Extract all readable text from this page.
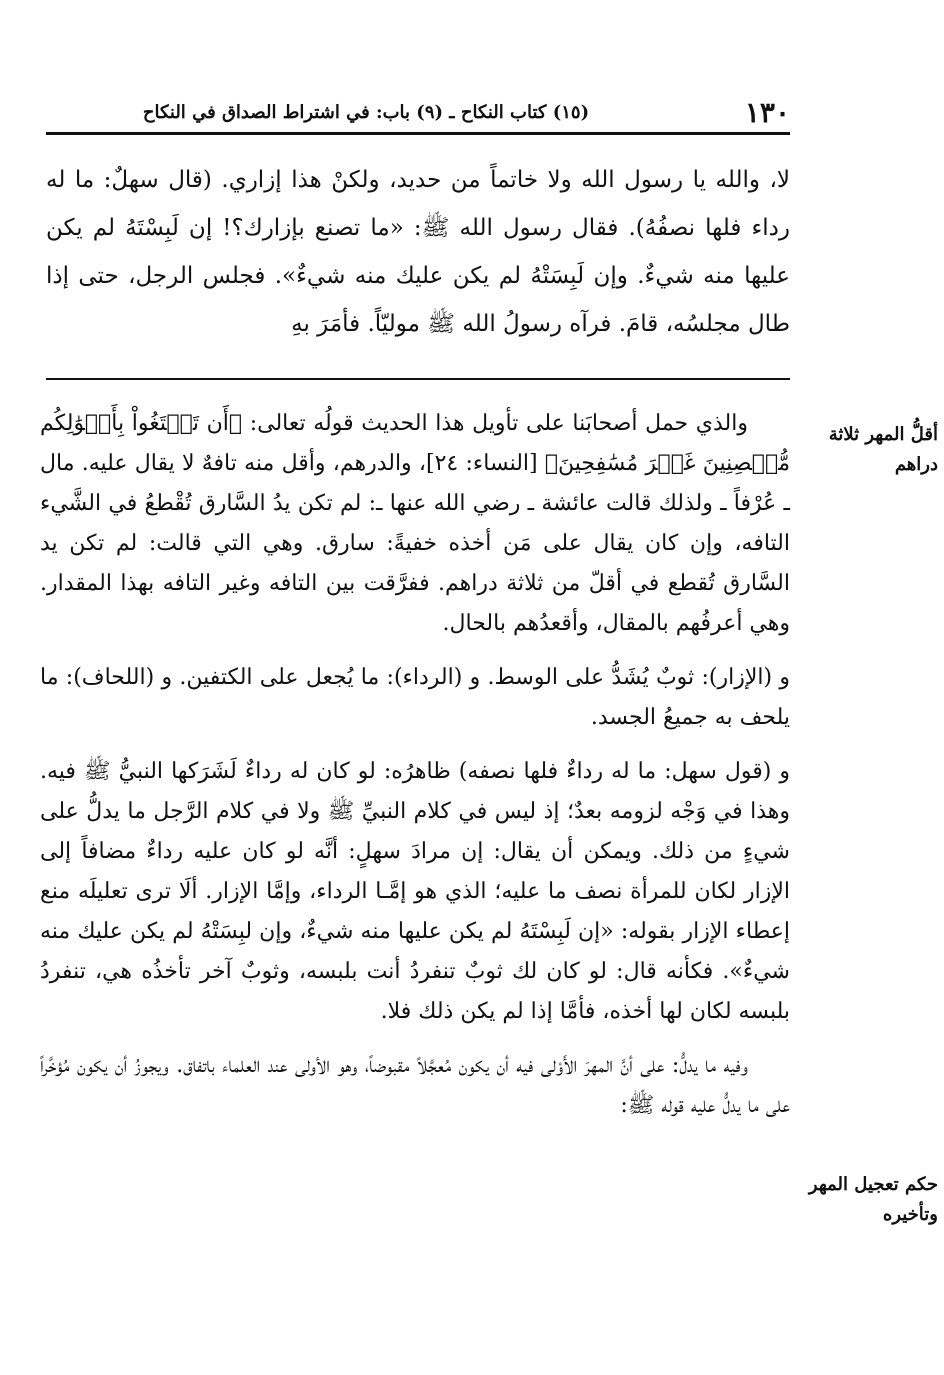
١٣٠
(١٥) كتاب النكاح ـ (٩) باب: في اشتراط الصداق في النكاح
لا، والله يا رسول الله ولا خاتماً من حديد، ولكنْ هذا إزاري. (قال سهلٌ: ما له رداء فلها نصفُهُ). فقال رسول الله ﷺ: «ما تصنع بإزارك؟! إن لَبِسْتَهُ لم يكن عليها منه شيءٌ. وإن لَبِسَتْهُ لم يكن عليك منه شيءٌ». فجلس الرجل، حتى إذا طال مجلسُه، قامَ. فرآه رسولُ الله ﷺ موليّاً. فأمَرَ بهِ
أقلُّ المهر ثلاثة دراهم
حكم تعجيل المهر وتأخيره

والذي حمل أصحابَنا على تأويل هذا الحديث قولُه تعالى: ﴿أَن تَبۡتَغُواْ بِأَمۡوَٰلِكُم مُّحۡصِنِينَ غَيۡرَ مُسَٰفِحِينَ﴾ [النساء: ٢٤]، والدرهم، وأقل منه تافهٌ لا يقال عليه. مال ـ عُرْفاً ـ ولذلك قالت عائشة ـ رضي الله عنها ـ: لم تكن يدُ السَّارق تُقْطعُ في الشَّيء التافه، وإن كان يقال على مَن أخذه خفيةً: سارق. وهي التي قالت: لم تكن يد السَّارق تُقطع في أقلّ من ثلاثة دراهم. ففرَّقت بين التافه وغير التافه بهذا المقدار. وهي أعرفُهم بالمقال، وأقعدُهم بالحال.

و (الإزار): ثوبٌ يُشَدُّ على الوسط. و (الرداء): ما يُجعل على الكتفين. و (اللحاف): ما يلحف به جميعُ الجسد.

و (قول سهل: ما له رداءٌ فلها نصفه) ظاهرُه: لو كان له رداءٌ لَشَرَكها النبيُّ ﷺ فيه. وهذا في وَجْه لزومه بعدٌ؛ إذ ليس في كلام النبيِّ ﷺ ولا في كلام الرَّجل ما يدلُّ على شيءٍ من ذلك. ويمكن أن يقال: إن مرادَ سهلٍ: أنَّه لو كان عليه رداءٌ مضافاً إلى الإزار لكان للمرأة نصف ما عليه؛ الذي هو إمَّـا الرداء، وإمَّا الإزار. ألَا ترى تعليلَه منع إعطاء الإزار بقوله: «إن لَبِسْتَهُ لم يكن عليها منه شيءٌ، وإن لبِسَتْهُ لم يكن عليك منه شيءٌ». فكأنه قال: لو كان لك ثوبٌ تنفردُ أنت بلبسه، وثوبٌ آخر تأخذُه هي، تنفردُ بلبسه لكان لها أخذه، فأمَّا إذا لم يكن ذلك فلا.

وفيه ما يدلُّ: على أنَّ المهرَ الأَوْلى فيه أن يكون مُعجَّلاً مقبوضاً، وهو الأولى عند العلماء باتفاق. ويجوزُ أن يكون مُؤخَّراً على ما يدلُّ عليه قوله ﷺ:
